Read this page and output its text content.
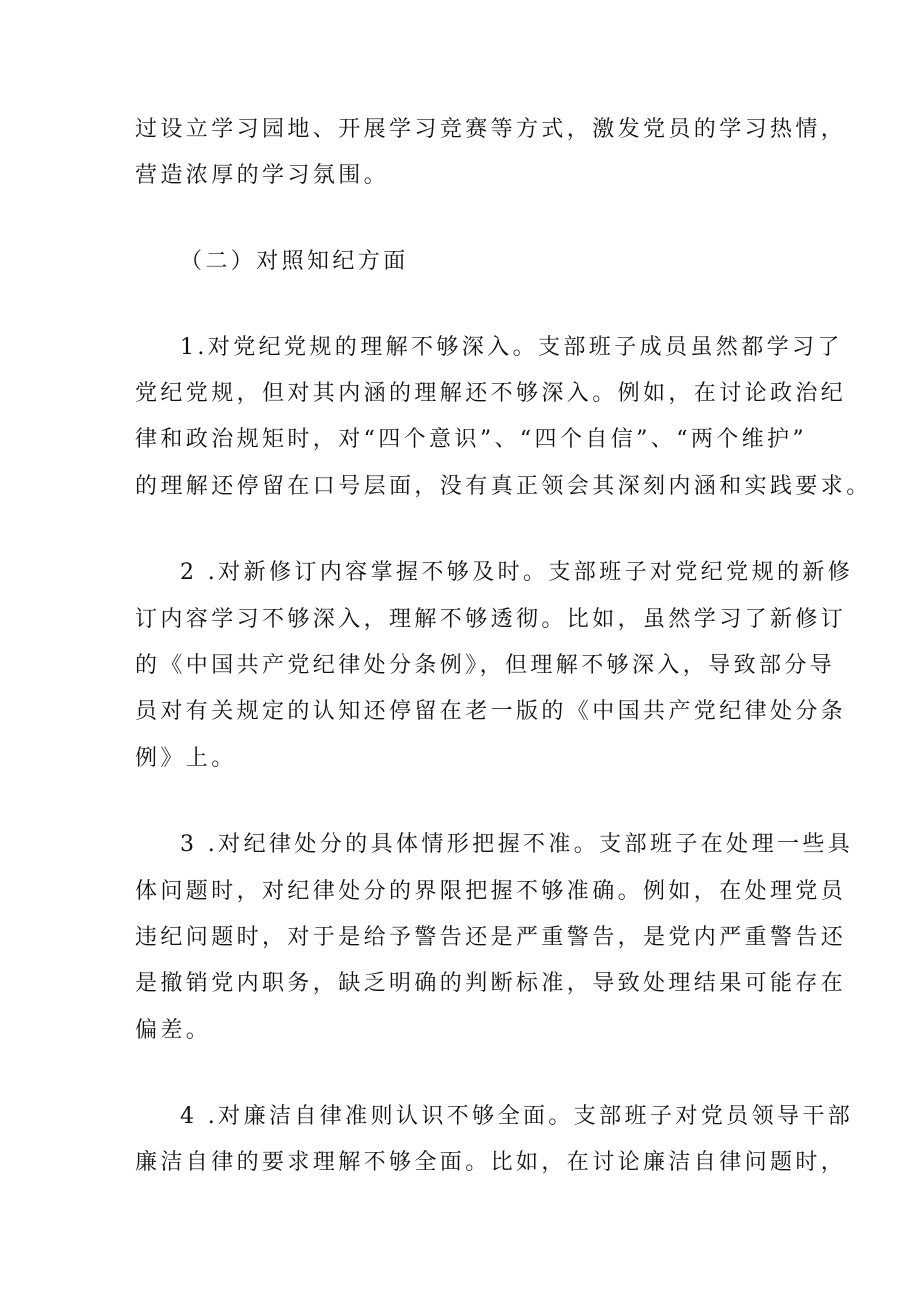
过设立学习园地、开展学习竞赛等方式，激发党员的学习热情，
营造浓厚的学习氛围。
（二）对照知纪方面
1.对党纪党规的理解不够深入。支部班子成员虽然都学习了
党纪党规，但对其内涵的理解还不够深入。例如，在讨论政治纪
律和政治规矩时，对“四个意识”、“四个自信”、“两个维护”
的理解还停留在口号层面，没有真正领会其深刻内涵和实践要求。
2 .对新修订内容掌握不够及时。支部班子对党纪党规的新修
订内容学习不够深入，理解不够透彻。比如，虽然学习了新修订
的《中国共产党纪律处分条例》，但理解不够深入，导致部分导
员对有关规定的认知还停留在老一版的《中国共产党纪律处分条
例》上。
3 .对纪律处分的具体情形把握不准。支部班子在处理一些具
体问题时，对纪律处分的界限把握不够准确。例如，在处理党员
违纪问题时，对于是给予警告还是严重警告，是党内严重警告还
是撤销党内职务，缺乏明确的判断标准，导致处理结果可能存在
偏差。
4 .对廉洁自律准则认识不够全面。支部班子对党员领导干部
廉洁自律的要求理解不够全面。比如，在讨论廉洁自律问题时，
